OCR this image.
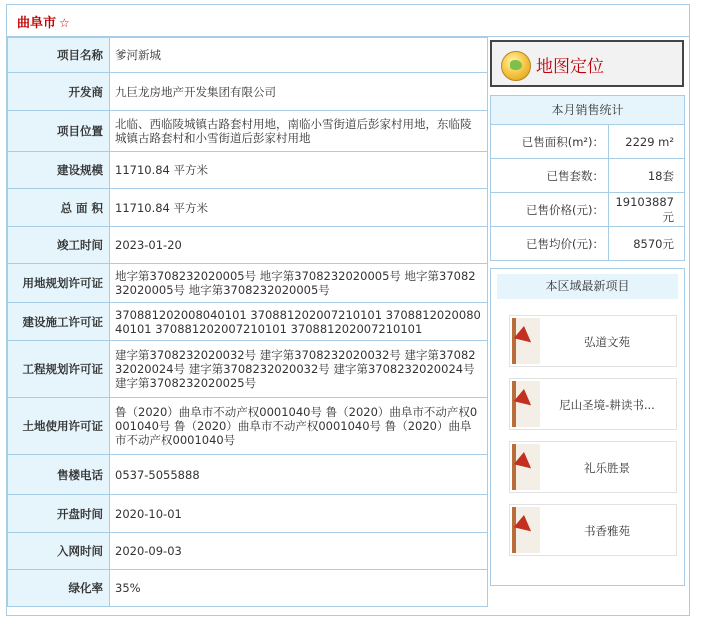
曲阜市 ☆
项目名称	爹河新城
开发商	九巨龙房地产开发集团有限公司
项目位置	北临、西临陵城镇古路套村用地，南临小雪街道后彭家村用地，东临陵城镇古路套村和小雪街道后彭家村用地
建设规模	11710.84 平方米
总 面 积	11710.84 平方米
竣工时间	2023-01-20
用地规划许可证	地字第3708232020005号 地字第3708232020005号 地字第3708232020005号 地字第3708232020005号
建设施工许可证	370881202008040101 370881202007210101 370881202008040101 370881202007210101 370881202007210101
工程规划许可证	建字第3708232020032号 建字第3708232020032号 建字第3708232020024号 建字第3708232020032号 建字第3708232020024号 建字第3708232020025号
土地使用许可证	鲁（2020）曲阜市不动产权0001040号 鲁（2020）曲阜市不动产权0001040号 鲁（2020）曲阜市不动产权0001040号 鲁（2020）曲阜市不动产权0001040号
售楼电话	0537-5055888
开盘时间	2020-10-01
入网时间	2020-09-03
绿化率	35%
地图定位
本月销售统计
已售面积(m²)：	2229 m²
已售套数：	18套
已售价格(元)：	19103887元
已售均价(元)：	8570元
本区域最新项目
弘道文苑
尼山圣境-耕读书...
礼乐胜景
书香雅苑
